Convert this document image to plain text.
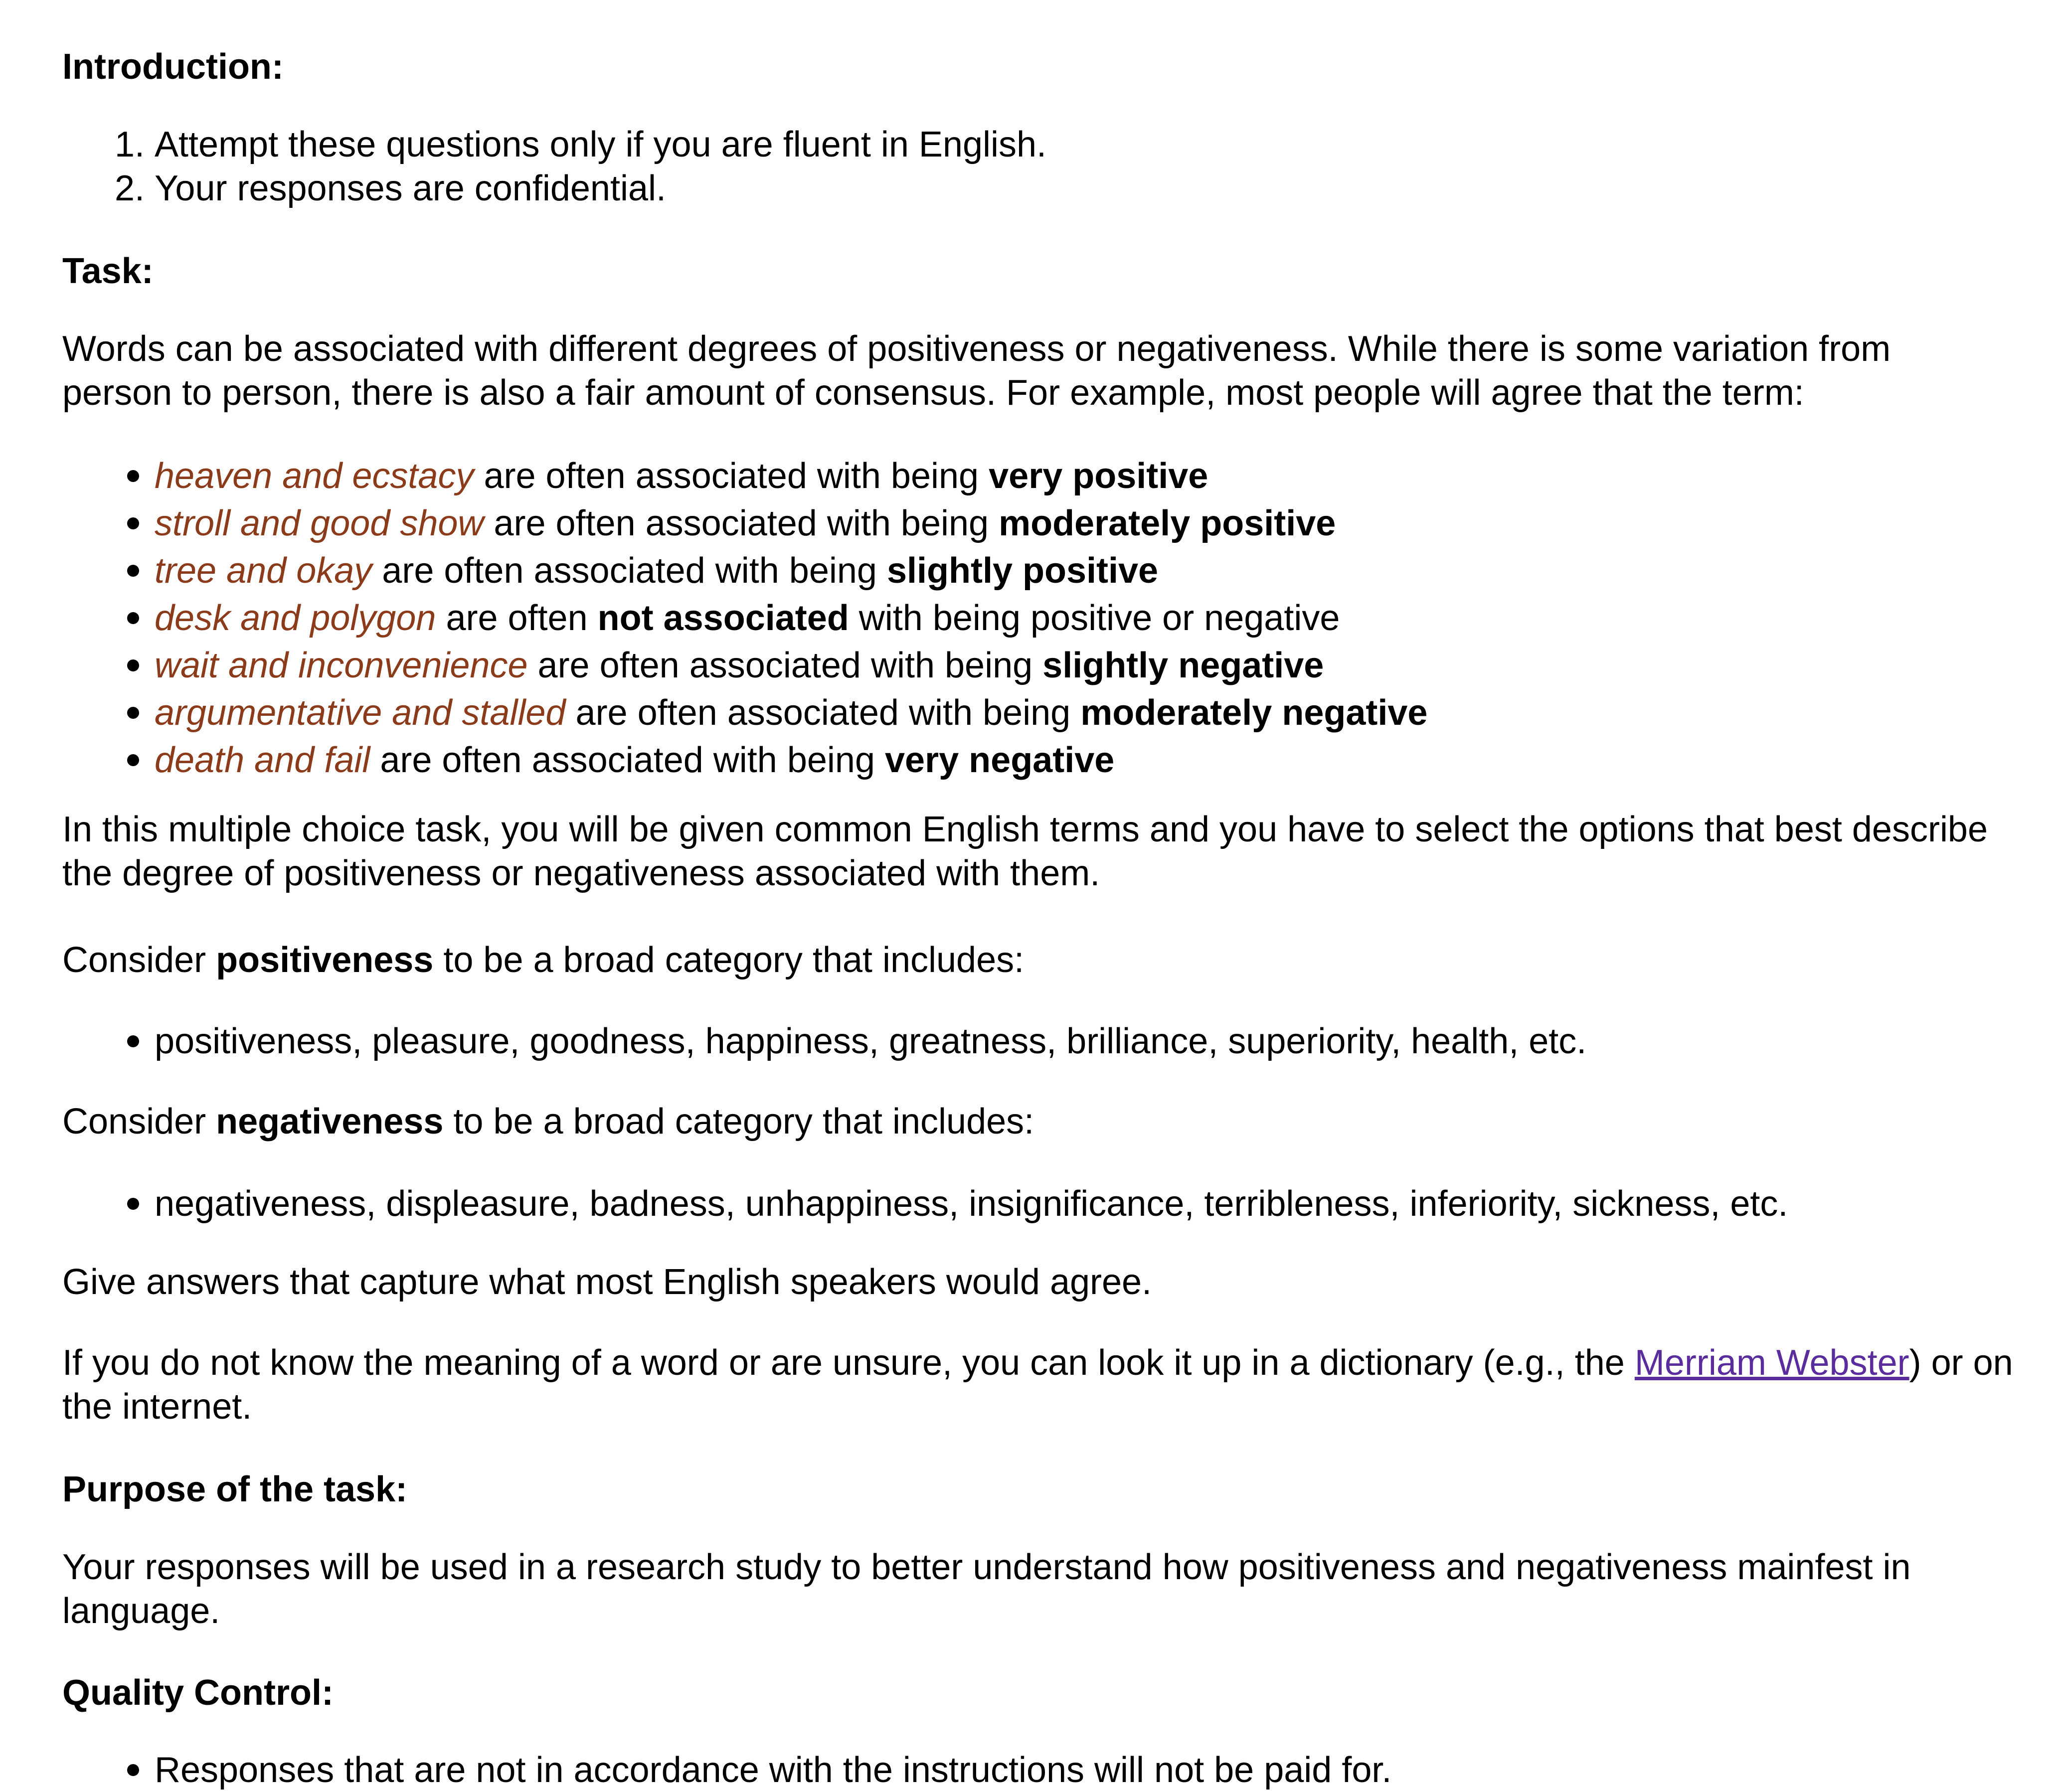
Introduction:

1. Attempt these questions only if you are fluent in English.
2. Your responses are confidential.

Task:

Words can be associated with different degrees of positiveness or negativeness. While there is some variation from person to person, there is also a fair amount of consensus. For example, most people will agree that the term:

• heaven and ecstacy are often associated with being very positive
• stroll and good show are often associated with being moderately positive
• tree and okay are often associated with being slightly positive
• desk and polygon are often not associated with being positive or negative
• wait and inconvenience are often associated with being slightly negative
• argumentative and stalled are often associated with being moderately negative
• death and fail are often associated with being very negative

In this multiple choice task, you will be given common English terms and you have to select the options that best describe the degree of positiveness or negativeness associated with them.

Consider positiveness to be a broad category that includes:

• positiveness, pleasure, goodness, happiness, greatness, brilliance, superiority, health, etc.

Consider negativeness to be a broad category that includes:

• negativeness, displeasure, badness, unhappiness, insignificance, terribleness, inferiority, sickness, etc.

Give answers that capture what most English speakers would agree.

If you do not know the meaning of a word or are unsure, you can look it up in a dictionary (e.g., the Merriam Webster) or on the internet.

Purpose of the task:

Your responses will be used in a research study to better understand how positiveness and negativeness mainfest in language.

Quality Control:

• Responses that are not in accordance with the instructions will not be paid for.
